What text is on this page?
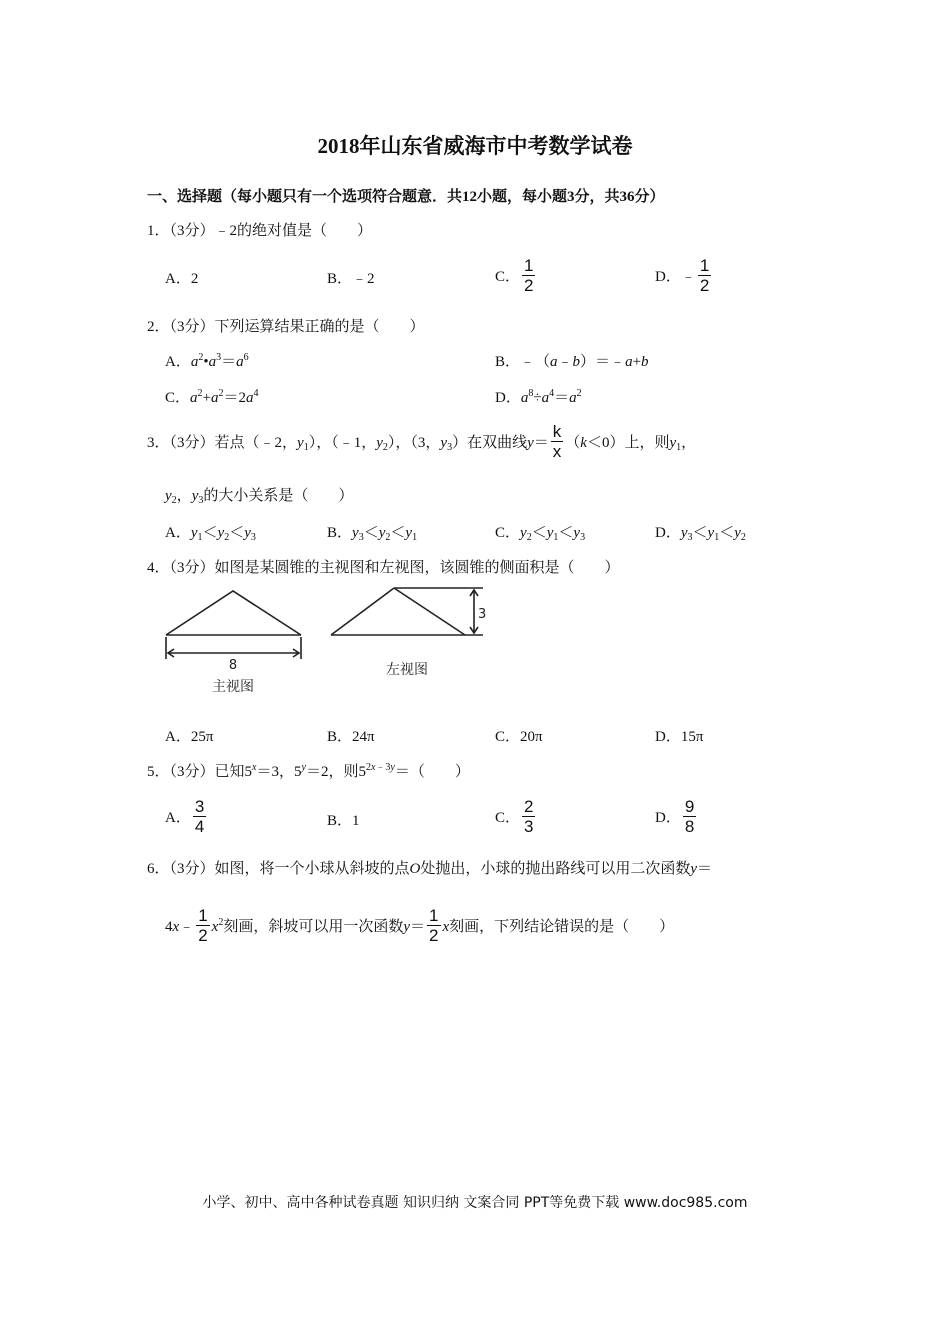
2018年山东省威海市中考数学试卷
一、选择题（每小题只有一个选项符合题意．共12小题，每小题3分，共36分）
1．（3分）﹣2的绝对值是（　　）
A．2	B．﹣2	C． $\frac{1}{2}$	D．﹣ $\frac{1}{2}$
2．（3分）下列运算结果正确的是（　　）
A．$a^2•a^3=a^6$	B．﹣（a﹣b）＝﹣a+b
C．$a^2+a^2=2a^4$	D．$a^8\div a^4=a^2$
3．（3分）若点（﹣2，$y_1$），（﹣1，$y_2$），（3，$y_3$）在双曲线$y= \frac{k}{x} (k<0)$上，则$y_1$，
$y_2$，$y_3$的大小关系是（　　）
A．$y_1<y_2<y_3$	B．$y_3<y_2<y_1$	C．$y_2<y_1<y_3$	D．$y_3<y_1<y_2$
4．（3分）如图是某圆锥的主视图和左视图，该圆锥的侧面积是（　　）
8
主视图
3
左视图
A．25π	B．24π	C．20π	D．15π
5．（3分）已知$5^x=3$，$5^y=2$，则$5^{2x﹣3y}=$（　　）
A． $\frac{3}{4}$	B．1	C． $\frac{2}{3}$	D． $\frac{9}{8}$
6．（3分）如图，将一个小球从斜坡的点O处抛出，小球的抛出路线可以用二次函数y＝
4x﹣ $\frac{1}{2} x^2$刻画，斜坡可以用一次函数$y= \frac{1}{2}$ x刻画，下列结论错误的是（　　）
小学、初中、高中各种试卷真题 知识归纳 文案合同 PPT等免费下载 www.doc985.com
